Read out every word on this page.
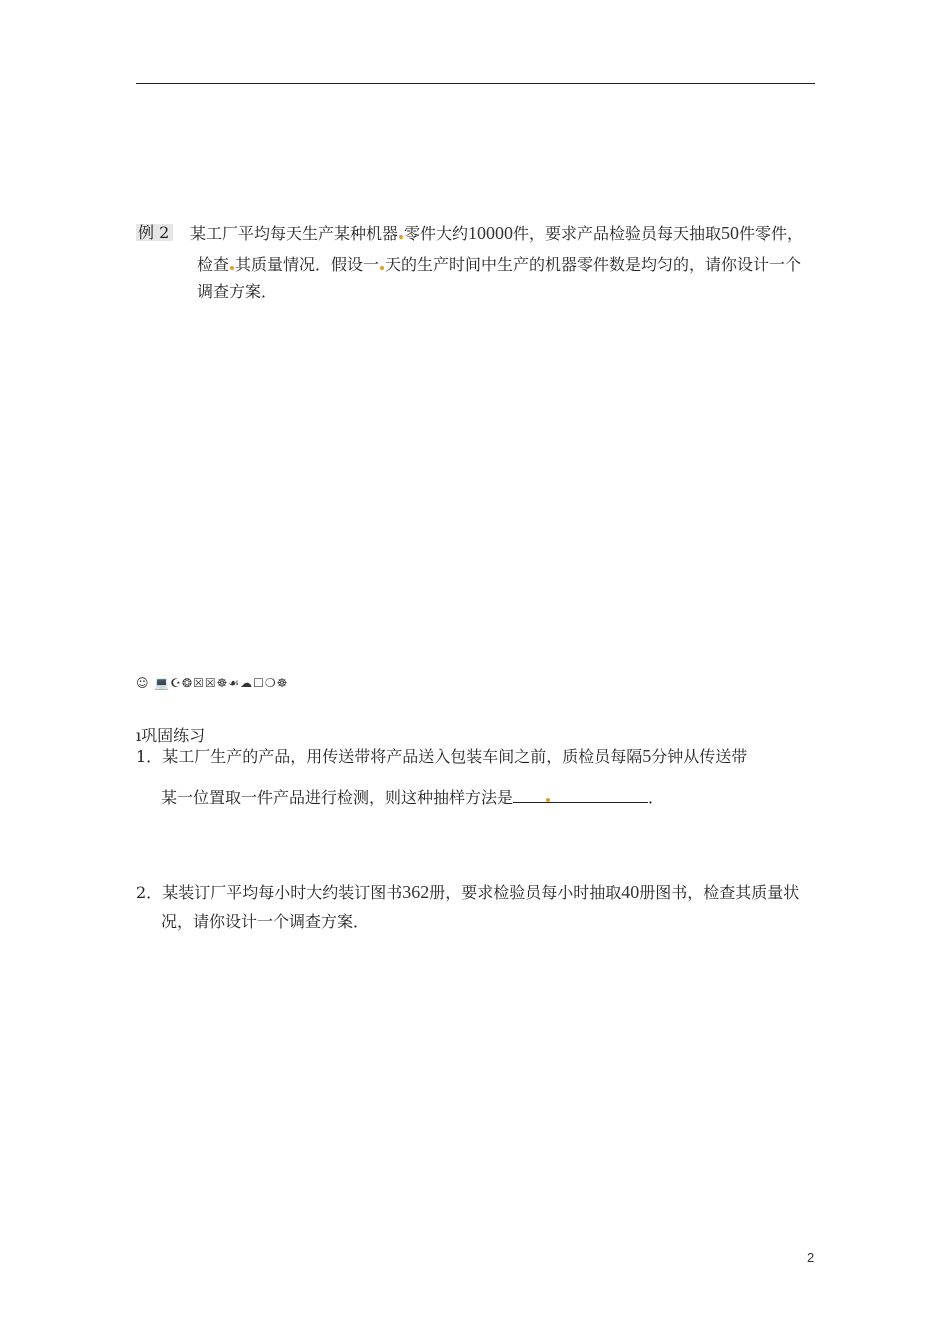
例 2 某工厂平均每天生产某种机器 零件大约10000件，要求产品检验员每天抽取50件零件，
检查 其质量情况．假设一 天的生产时间中生产的机器零件数是均匀的，请你设计一个
调查方案．
☺ 💻☪❂☒☒☸☙☁☐❍☸
ı巩固练习
1．某工厂生产的产品，用传送带将产品送入包装车间之前，质检员每隔5分钟从传送带
某一位置取一件产品进行检测，则这种抽样方法是	．
2．某装订厂平均每小时大约装订图书362册，要求检验员每小时抽取40册图书，检查其质量状
况，请你设计一个调查方案．
2
